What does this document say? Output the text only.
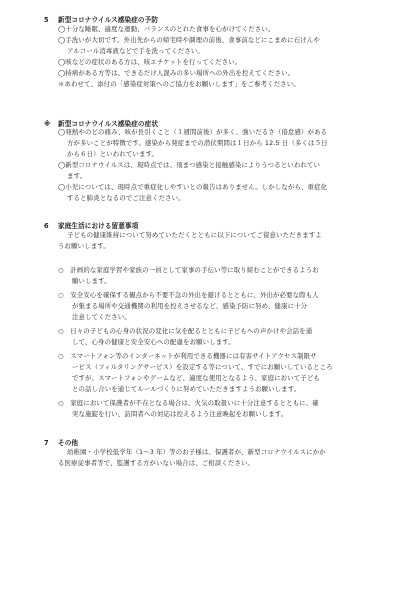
5 新型コロナウイルス感染症の予防
◯十分な睡眠、適度な運動、バランスのとれた食事を心がけてください。
◯手洗いが大切です。外出先からの帰宅時や調理の前後、食事前などにこまめに石けんや
アルコール消毒液などで手を洗ってください。
◯咳などの症状のある方は、咳エチケットを行ってください。
◯持病がある方等は、できるだけ人混みの多い場所への外出を控えてください。
＊あわせて、添付の「感染症対策へのご協力をお願いします」をご参考ください。
※ 新型コロナウイルス感染症の症状
◯発熱やのどの痛み、咳が長引くこと（１週間前後）が多く、強いだるさ（倦怠感）がある
方が多いことが特徴です。感染から発症までの潜伏期間は１日から 12.5 日（多くは５日
から６日）といわれています。
◯新型コロナウイルスは、現時点では、飛まつ感染と接触感染によりうつるといわれてい
ます。
◯小児については、現時点で重症化しやすいとの報告はありません。しかしながら、重症化
すると肺炎となるのでご注意ください。
6 家庭生活における留意事項
子どもの健康維持について努めていただくとともに以下についてご留意いただきますよ
うお願いします。
○　計画的な家庭学習や家族の一員として家事の手伝い等に取り組むことができるようお
願いします。
○　安全安心を確保する観点から不要不急の外出を避けるとともに、外出が必要な際も人
が集まる場所や交通機関の利用を控えさせるなど、感染予防に努め、健康に十分
注意してください。
○　日々の子どもの心身の状況の変化に気を配るとともに子どもへの声かけや会話を通
して、心身の健康と安全安心への配慮をお願いします。
○　スマートフォン等のインターネットが利用できる機器には有害サイトアクセス制限サ
ービス（フィルタリングサービス）を設定する等について、すでにお願いしているところ
ですが、スマートフォンやゲームなど、適度な使用となるよう、家庭において子ども
との話し合いを通じてルールづくりに努めていただきますようお願いします。
○　家庭において保護者が不在となる場合は、火気の取扱いに十分注意するとともに、確
実な施錠を行い、訪問者への対応は控えるよう注意喚起をお願いします。
7 その他
幼稚園・小学校低学年（1～3 年）等のお子様は、保護者が、新型コロナウイルスにかか
る医療従事者等で、監護する方がいない場合は、ご相談ください。
